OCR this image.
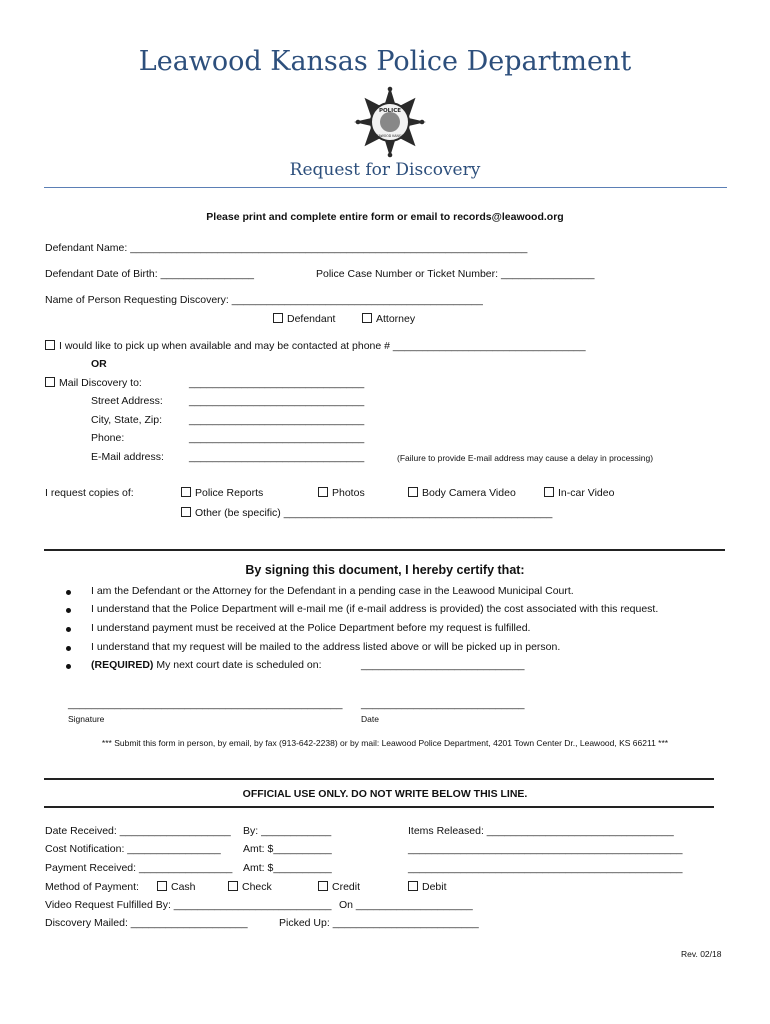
Leawood Kansas Police Department
POLICE
LEAWOOD KANSAS
Request for Discovery
Please print and complete entire form or email to records@leawood.org
Defendant Name: ____________________________________________________________________
Defendant Date of Birth: ________________	Police Case Number or Ticket Number: ________________
Name of Person Requesting Discovery: ___________________________________________
Defendant	Attorney
I would like to pick up when available and may be contacted at phone # _________________________________
OR
Mail Discovery to:	______________________________
Street Address: ______________________________
City, State, Zip:	______________________________
Phone:	______________________________
E-Mail address: ______________________________	(Failure to provide E-mail address may cause a delay in processing)
I request copies of:	Police Reports	Photos	Body Camera Video	In-car Video
Other (be specific) ______________________________________________
By signing this document, I hereby certify that:
I am the Defendant or the Attorney for the Defendant in a pending case in the Leawood Municipal Court.
I understand that the Police Department will e-mail me (if e-mail address is provided) the cost associated with this request.
I understand payment must be received at the Police Department before my request is fulfilled.
I understand that my request will be mailed to the address listed above or will be picked up in person.
(REQUIRED) My next court date is scheduled on:	____________________________
_______________________________________________
Signature
____________________________
Date
*** Submit this form in person, by email, by fax (913-642-2238) or by mail: Leawood Police Department, 4201 Town Center Dr., Leawood, KS 66211 ***
OFFICIAL USE ONLY. DO NOT WRITE BELOW THIS LINE.
Date Received: ___________________ By: ____________	Items Released: ________________________________
Cost Notification: ________________ Amt: $__________	_______________________________________________
Payment Received: ________________ Amt: $__________	_______________________________________________
Method of Payment:	Cash	Check	Credit	Debit
Video Request Fulfilled By: ___________________________ On ____________________
Discovery Mailed: ____________________	Picked Up: _________________________
Rev. 02/18
